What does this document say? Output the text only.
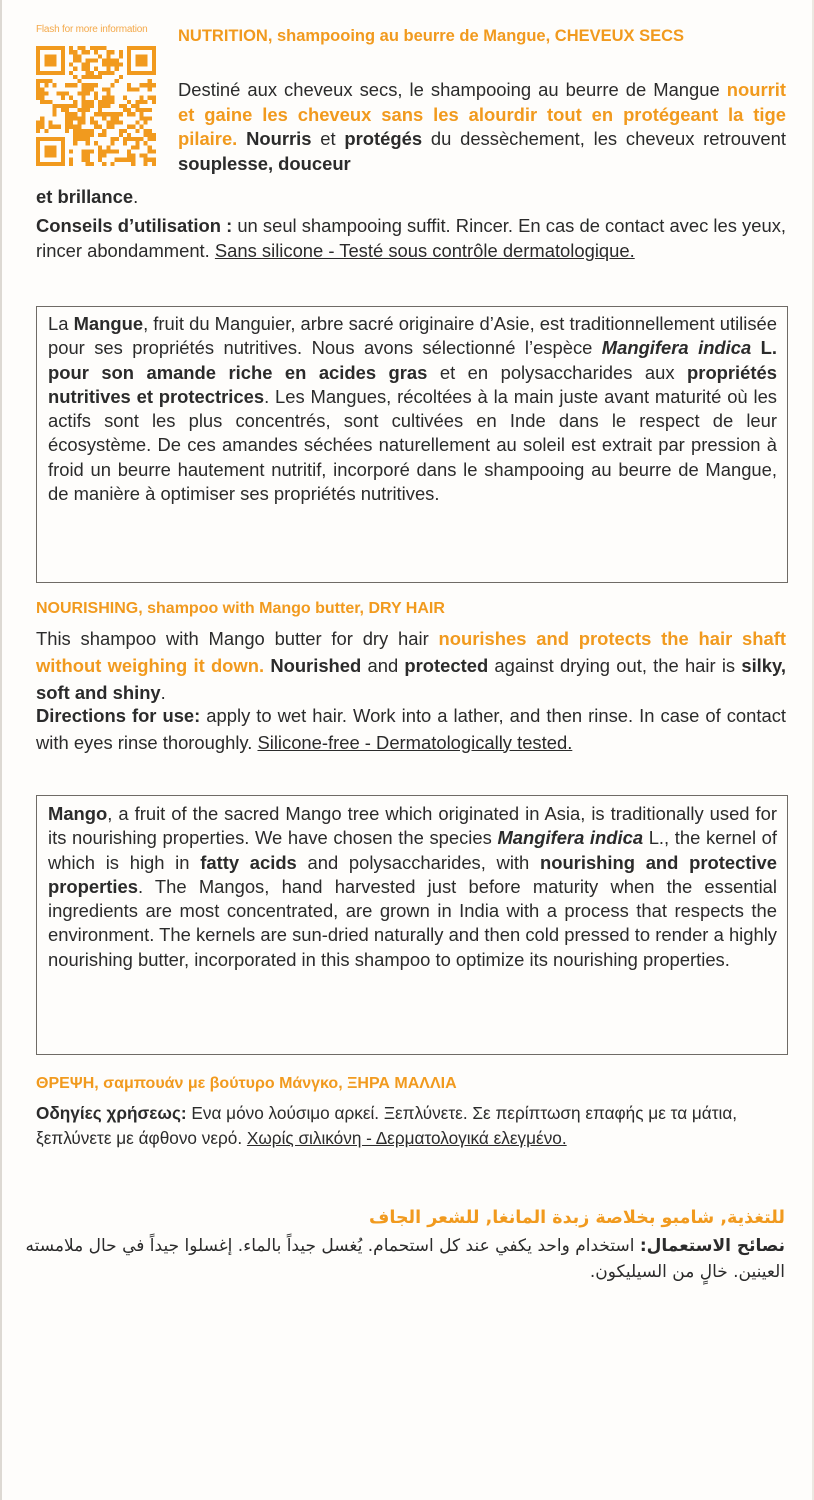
Flash for more information NUTRITION, shampooing au beurre de Mangue, CHEVEUX SECS

Destiné aux cheveux secs, le shampooing au beurre de Mangue nourrit et gaine les cheveux sans les alourdir tout en protégeant la tige pilaire. Nourris et protégés du dessèchement, les cheveux retrouvent souplesse, douceur

et brillance.

Conseils d’utilisation : un seul shampooing suffit. Rincer. En cas de contact avec les yeux, rincer abondamment. Sans silicone - Testé sous contrôle dermatologique.

La Mangue, fruit du Manguier, arbre sacré originaire d’Asie, est traditionnellement utilisée pour ses propriétés nutritives. Nous avons sélectionné l’espèce Mangifera indica L. pour son amande riche en acides gras et en polysaccharides aux propriétés nutritives et protectrices. Les Mangues, récoltées à la main juste avant maturité où les actifs sont les plus concentrés, sont cultivées en Inde dans le respect de leur écosystème. De ces amandes séchées naturellement au soleil est extrait par pression à froid un beurre hautement nutritif, incorporé dans le shampooing au beurre de Mangue, de manière à optimiser ses propriétés nutritives.

NOURISHING, shampoo with Mango butter, DRY HAIR

This shampoo with Mango butter for dry hair nourishes and protects the hair shaft without weighing it down. Nourished and protected against drying out, the hair is silky, soft and shiny.

Directions for use: apply to wet hair. Work into a lather, and then rinse. In case of contact with eyes rinse thoroughly. Silicone-free - Dermatologically tested.

Mango, a fruit of the sacred Mango tree which originated in Asia, is traditionally used for its nourishing properties. We have chosen the species Mangifera indica L., the kernel of which is high in fatty acids and polysaccharides, with nourishing and protective properties. The Mangos, hand harvested just before maturity when the essential ingredients are most concentrated, are grown in India with a process that respects the environment. The kernels are sun-dried naturally and then cold pressed to render a highly nourishing butter, incorporated in this shampoo to optimize its nourishing properties.

ΘΡΕΨΗ, σαμπουάν με βούτυρο Μάνγκο, ΞΗΡΑ ΜΑΛΛΙΑ

Οδηγίες χρήσεως: Ενα μόνο λούσιμο αρκεί. Ξεπλύνετε. Σε περίπτωση επαφής με τα μάτια, ξεπλύνετε με άφθονο νερό. Χωρίς σιλικόνη - Δερματολογικά ελεγμένο.

للتغذية, شامبو بخلاصة زبدة المانغا, للشعر الجاف

نصائح الاستعمال: استخدام واحد يكفي عند كل استحمام. يُغسل جيداً بالماء. إغسلوا جيداً في حال ملامسته العينين. خالٍ من السيليكون.
